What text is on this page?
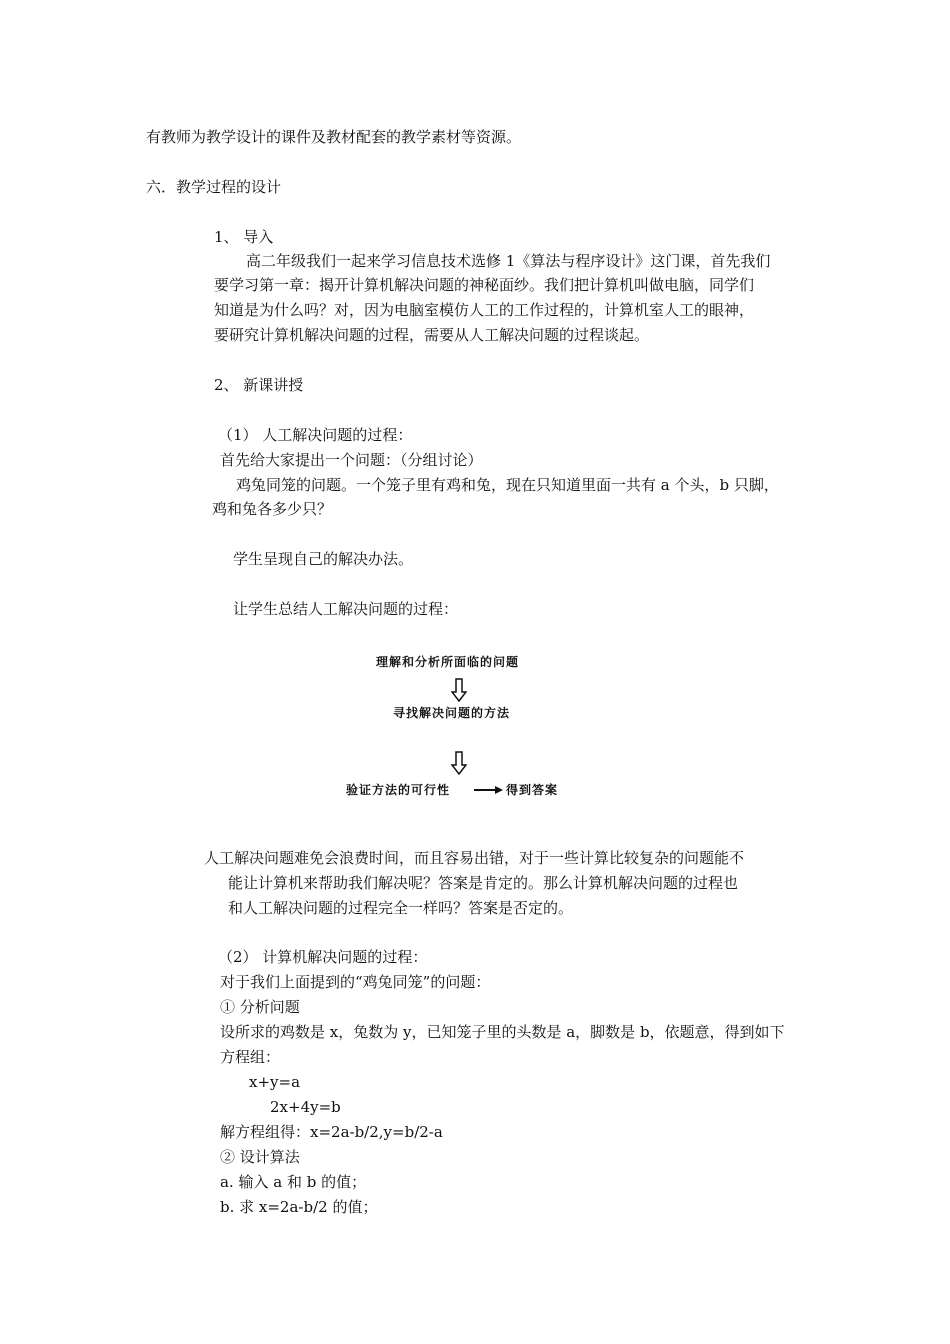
有教师为教学设计的课件及教材配套的教学素材等资源。
六．教学过程的设计
1、 导入
高二年级我们一起来学习信息技术选修 1《算法与程序设计》这门课，首先我们
要学习第一章：揭开计算机解决问题的神秘面纱。我们把计算机叫做电脑，同学们
知道是为什么吗？对，因为电脑室模仿人工的工作过程的，计算机室人工的眼神，
要研究计算机解决问题的过程，需要从人工解决问题的过程谈起。
2、 新课讲授
（1） 人工解决问题的过程：
首先给大家提出一个问题：（分组讨论）
鸡兔同笼的问题。一个笼子里有鸡和兔，现在只知道里面一共有 a 个头，b 只脚，
鸡和兔各多少只？
学生呈现自己的解决办法。
让学生总结人工解决问题的过程：
理解和分析所面临的问题
寻找解决问题的方法
验证方法的可行性	得到答案
人工解决问题难免会浪费时间，而且容易出错，对于一些计算比较复杂的问题能不
能让计算机来帮助我们解决呢？答案是肯定的。那么计算机解决问题的过程也
和人工解决问题的过程完全一样吗？答案是否定的。
（2） 计算机解决问题的过程：
对于我们上面提到的“鸡兔同笼”的问题：
① 分析问题
设所求的鸡数是 x，兔数为 y，已知笼子里的头数是 a，脚数是 b，依题意，得到如下
方程组：
x+y=a
2x+4y=b
解方程组得：x=2a-b/2,y=b/2-a
② 设计算法
a. 输入 a 和 b 的值；
b. 求 x=2a-b/2 的值；
